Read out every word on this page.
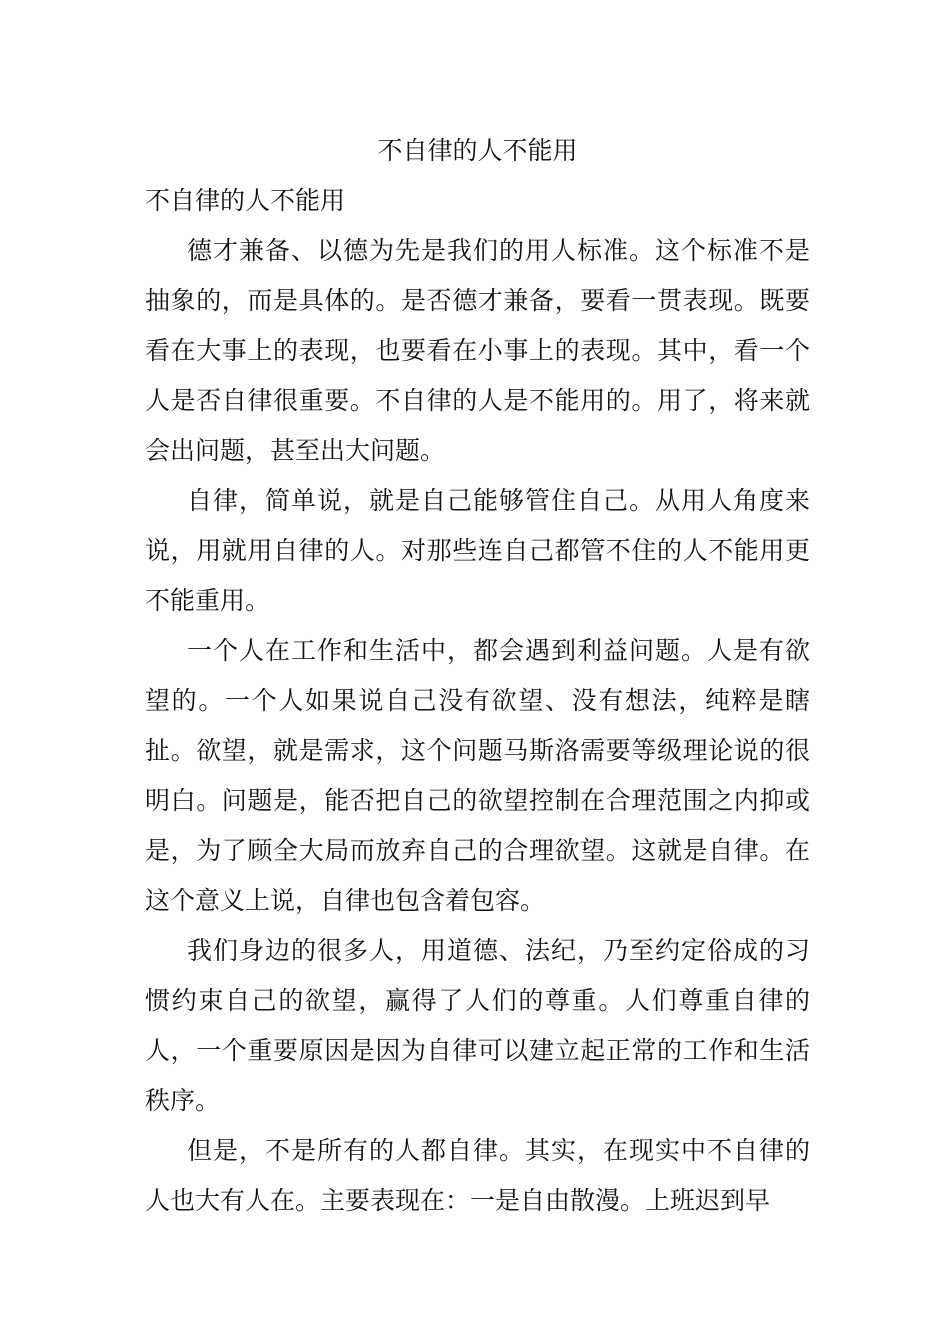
不自律的人不能用
不自律的人不能用

德才兼备、以德为先是我们的用人标准。这个标准不是抽象的，而是具体的。是否德才兼备，要看一贯表现。既要看在大事上的表现，也要看在小事上的表现。其中，看一个人是否自律很重要。不自律的人是不能用的。用了，将来就会出问题，甚至出大问题。

自律，简单说，就是自己能够管住自己。从用人角度来说，用就用自律的人。对那些连自己都管不住的人不能用更不能重用。

一个人在工作和生活中，都会遇到利益问题。人是有欲望的。一个人如果说自己没有欲望、没有想法，纯粹是瞎扯。欲望，就是需求，这个问题马斯洛需要等级理论说的很明白。问题是，能否把自己的欲望控制在合理范围之内抑或是，为了顾全大局而放弃自己的合理欲望。这就是自律。在这个意义上说，自律也包含着包容。

我们身边的很多人，用道德、法纪，乃至约定俗成的习惯约束自己的欲望，赢得了人们的尊重。人们尊重自律的人，一个重要原因是因为自律可以建立起正常的工作和生活秩序。

但是，不是所有的人都自律。其实，在现实中不自律的人也大有人在。主要表现在：一是自由散漫。上班迟到早
